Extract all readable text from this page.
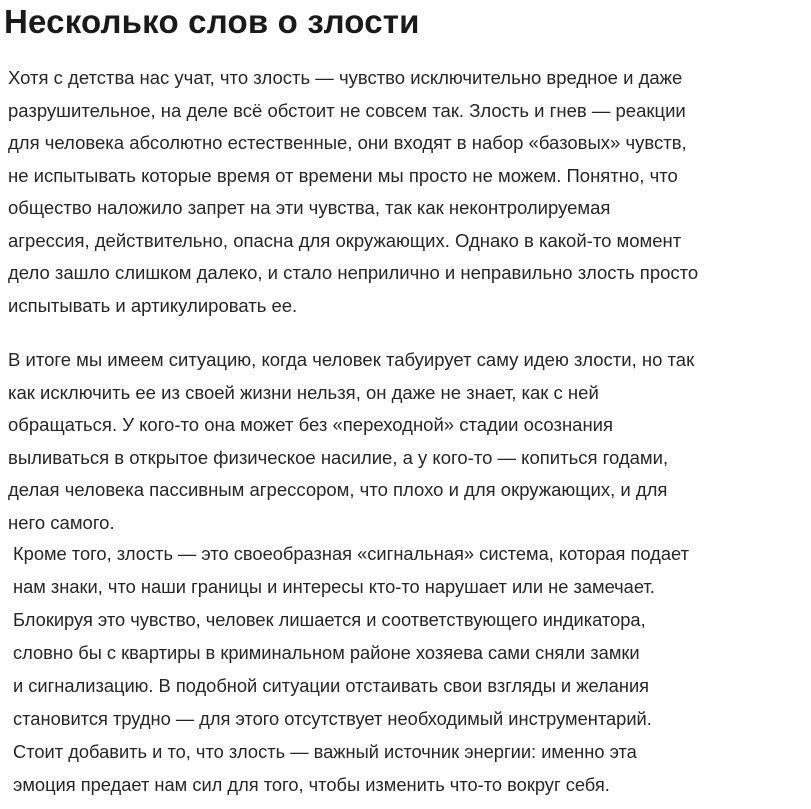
Несколько слов о злости

Хотя с детства нас учат, что злость — чувство исключительно вредное и даже
разрушительное, на деле всё обстоит не совсем так. Злость и гнев — реакции
для человека абсолютно естественные, они входят в набор «базовых» чувств,
не испытывать которые время от времени мы просто не можем. Понятно, что
общество наложило запрет на эти чувства, так как неконтролируемая
агрессия, действительно, опасна для окружающих. Однако в какой-то момент
дело зашло слишком далеко, и стало неприлично и неправильно злость просто
испытывать и артикулировать ее.

В итоге мы имеем ситуацию, когда человек табуирует саму идею злости, но так
как исключить ее из своей жизни нельзя, он даже не знает, как с ней
обращаться. У кого-то она может без «переходной» стадии осознания
выливаться в открытое физическое насилие, а у кого-то — копиться годами,
делая человека пассивным агрессором, что плохо и для окружающих, и для
него самого.

Кроме того, злость — это своеобразная «сигнальная» система, которая подает
нам знаки, что наши границы и интересы кто-то нарушает или не замечает.
Блокируя это чувство, человек лишается и соответствующего индикатора,
словно бы с квартиры в криминальном районе хозяева сами сняли замки
и сигнализацию. В подобной ситуации отстаивать свои взгляды и желания
становится трудно — для этого отсутствует необходимый инструментарий.
Стоит добавить и то, что злость — важный источник энергии: именно эта
эмоция предает нам сил для того, чтобы изменить что-то вокруг себя.
